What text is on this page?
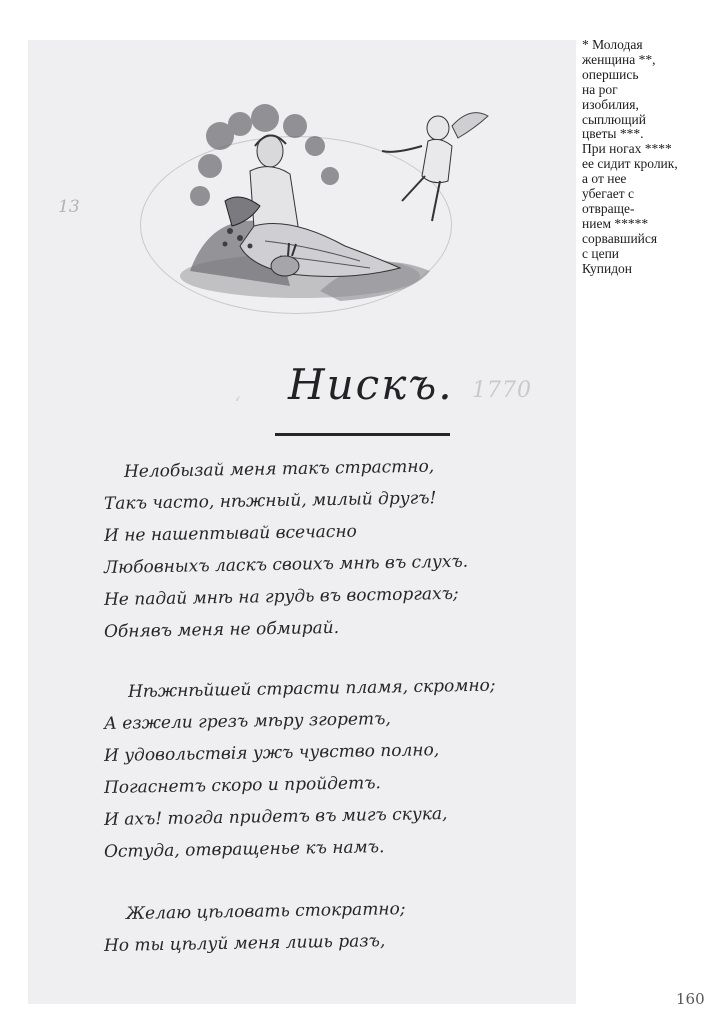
13
‘
1770
Нискъ.
Нелобызай меня такъ страстно,
Такъ часто, нѣжный, милый другъ!
И не нашептывай всечасно
Любовныхъ ласкъ своихъ мнѣ въ слухъ.
Не падай мнѣ на грудь въ восторгахъ;
Обнявъ меня не обмирай.
Нѣжнѣйшей страсти пламя, скромно;
А езжели грезъ мѣру згоретъ,
И удовольствiя ужъ чувство полно,
Погаснетъ скоро и пройдетъ.
И ахъ! тогда придетъ въ мигъ скука,
Остуда, отвращенье къ намъ.
Желаю цѣловать стократно;
Но ты цѣлуй меня лишь разъ,
* Молодая
женщина **,
опершись
на рог
изобилия,
сыплющий
цветы ***.
При ногах ****
ее сидит кролик,
а от нее
убегает с
отвраще-
нием *****
сорвавшийся
с цепи
Купидон
160
